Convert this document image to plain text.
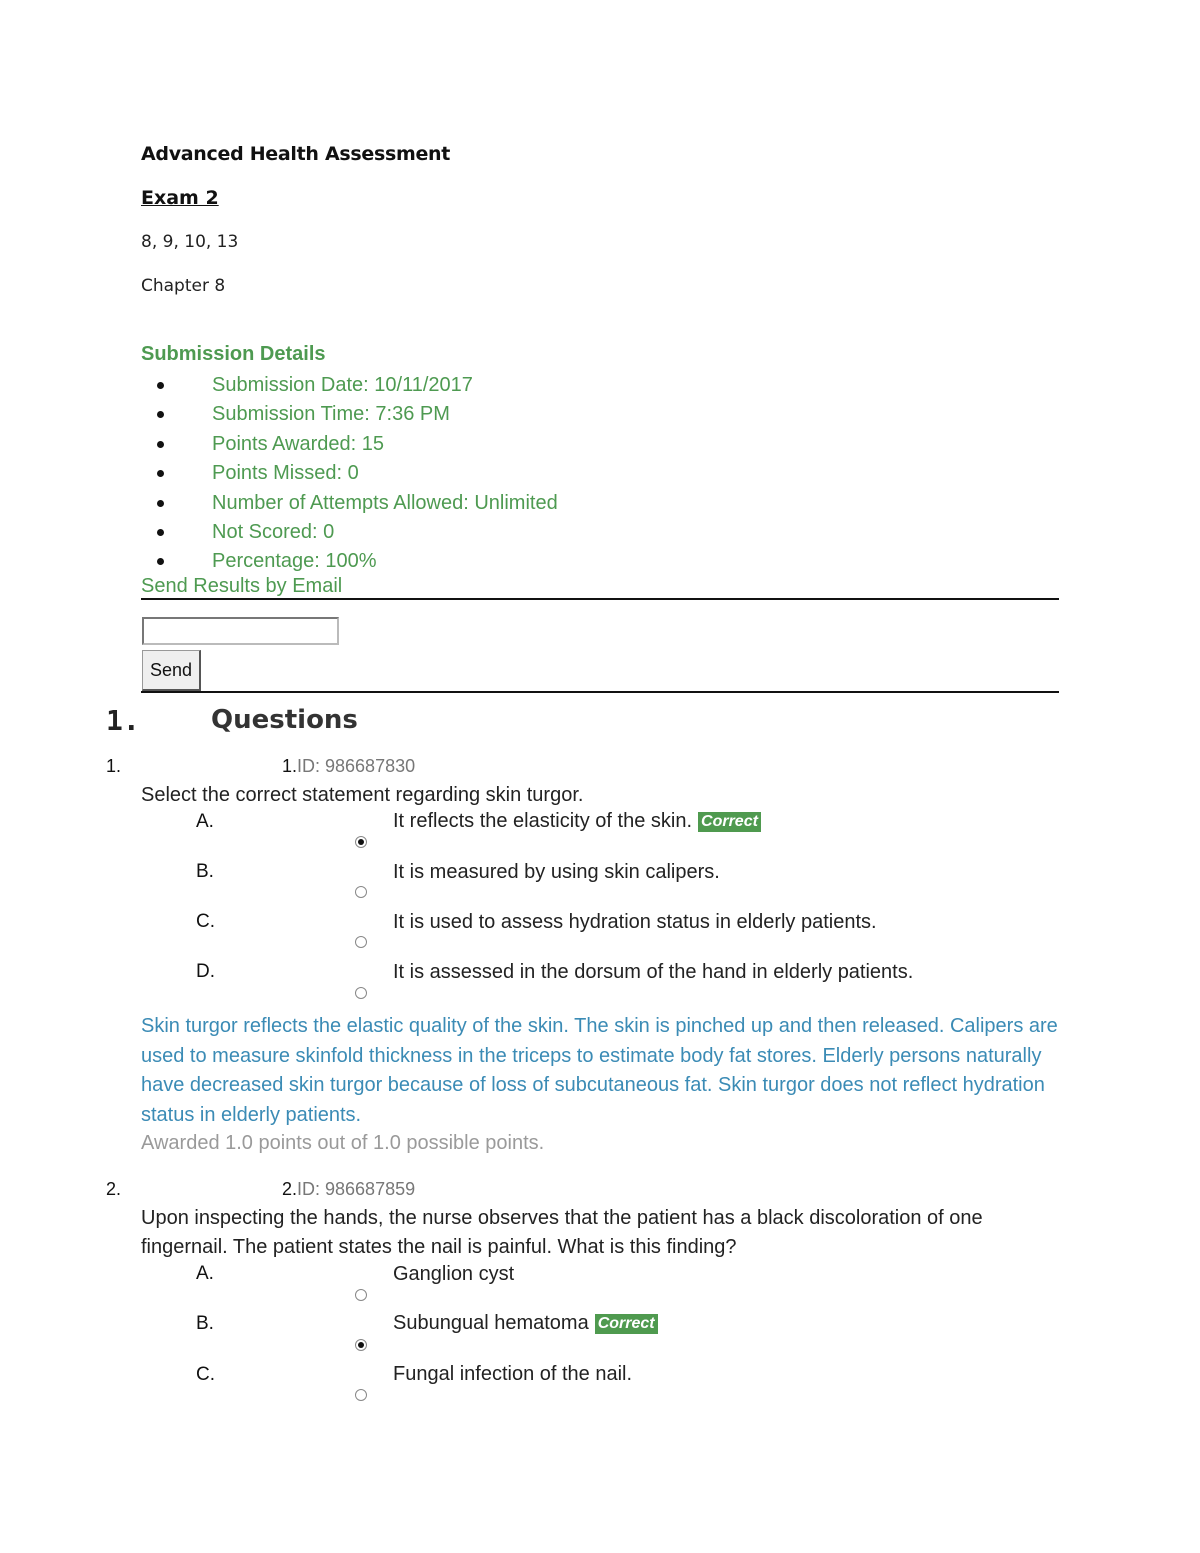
Advanced Health Assessment
Exam 2
8, 9, 10, 13
Chapter 8
Submission Details
Submission Date: 10/11/2017
Submission Time: 7:36 PM
Points Awarded: 15
Points Missed: 0
Number of Attempts Allowed: Unlimited
Not Scored: 0
Percentage: 100%
Send Results by Email
Send
1.	Questions
1.	1.ID: 986687830
Select the correct statement regarding skin turgor.
A.	It reflects the elasticity of the skin. Correct
B.	It is measured by using skin calipers.
C.	It is used to assess hydration status in elderly patients.
D.	It is assessed in the dorsum of the hand in elderly patients.
Skin turgor reflects the elastic quality of the skin. The skin is pinched up and then released. Calipers are used to measure skinfold thickness in the triceps to estimate body fat stores. Elderly persons naturally have decreased skin turgor because of loss of subcutaneous fat. Skin turgor does not reflect hydration status in elderly patients.
Awarded 1.0 points out of 1.0 possible points.
2.	2.ID: 986687859
Upon inspecting the hands, the nurse observes that the patient has a black discoloration of one fingernail. The patient states the nail is painful. What is this finding?
A.	Ganglion cyst
B.	Subungual hematoma Correct
C.	Fungal infection of the nail.
